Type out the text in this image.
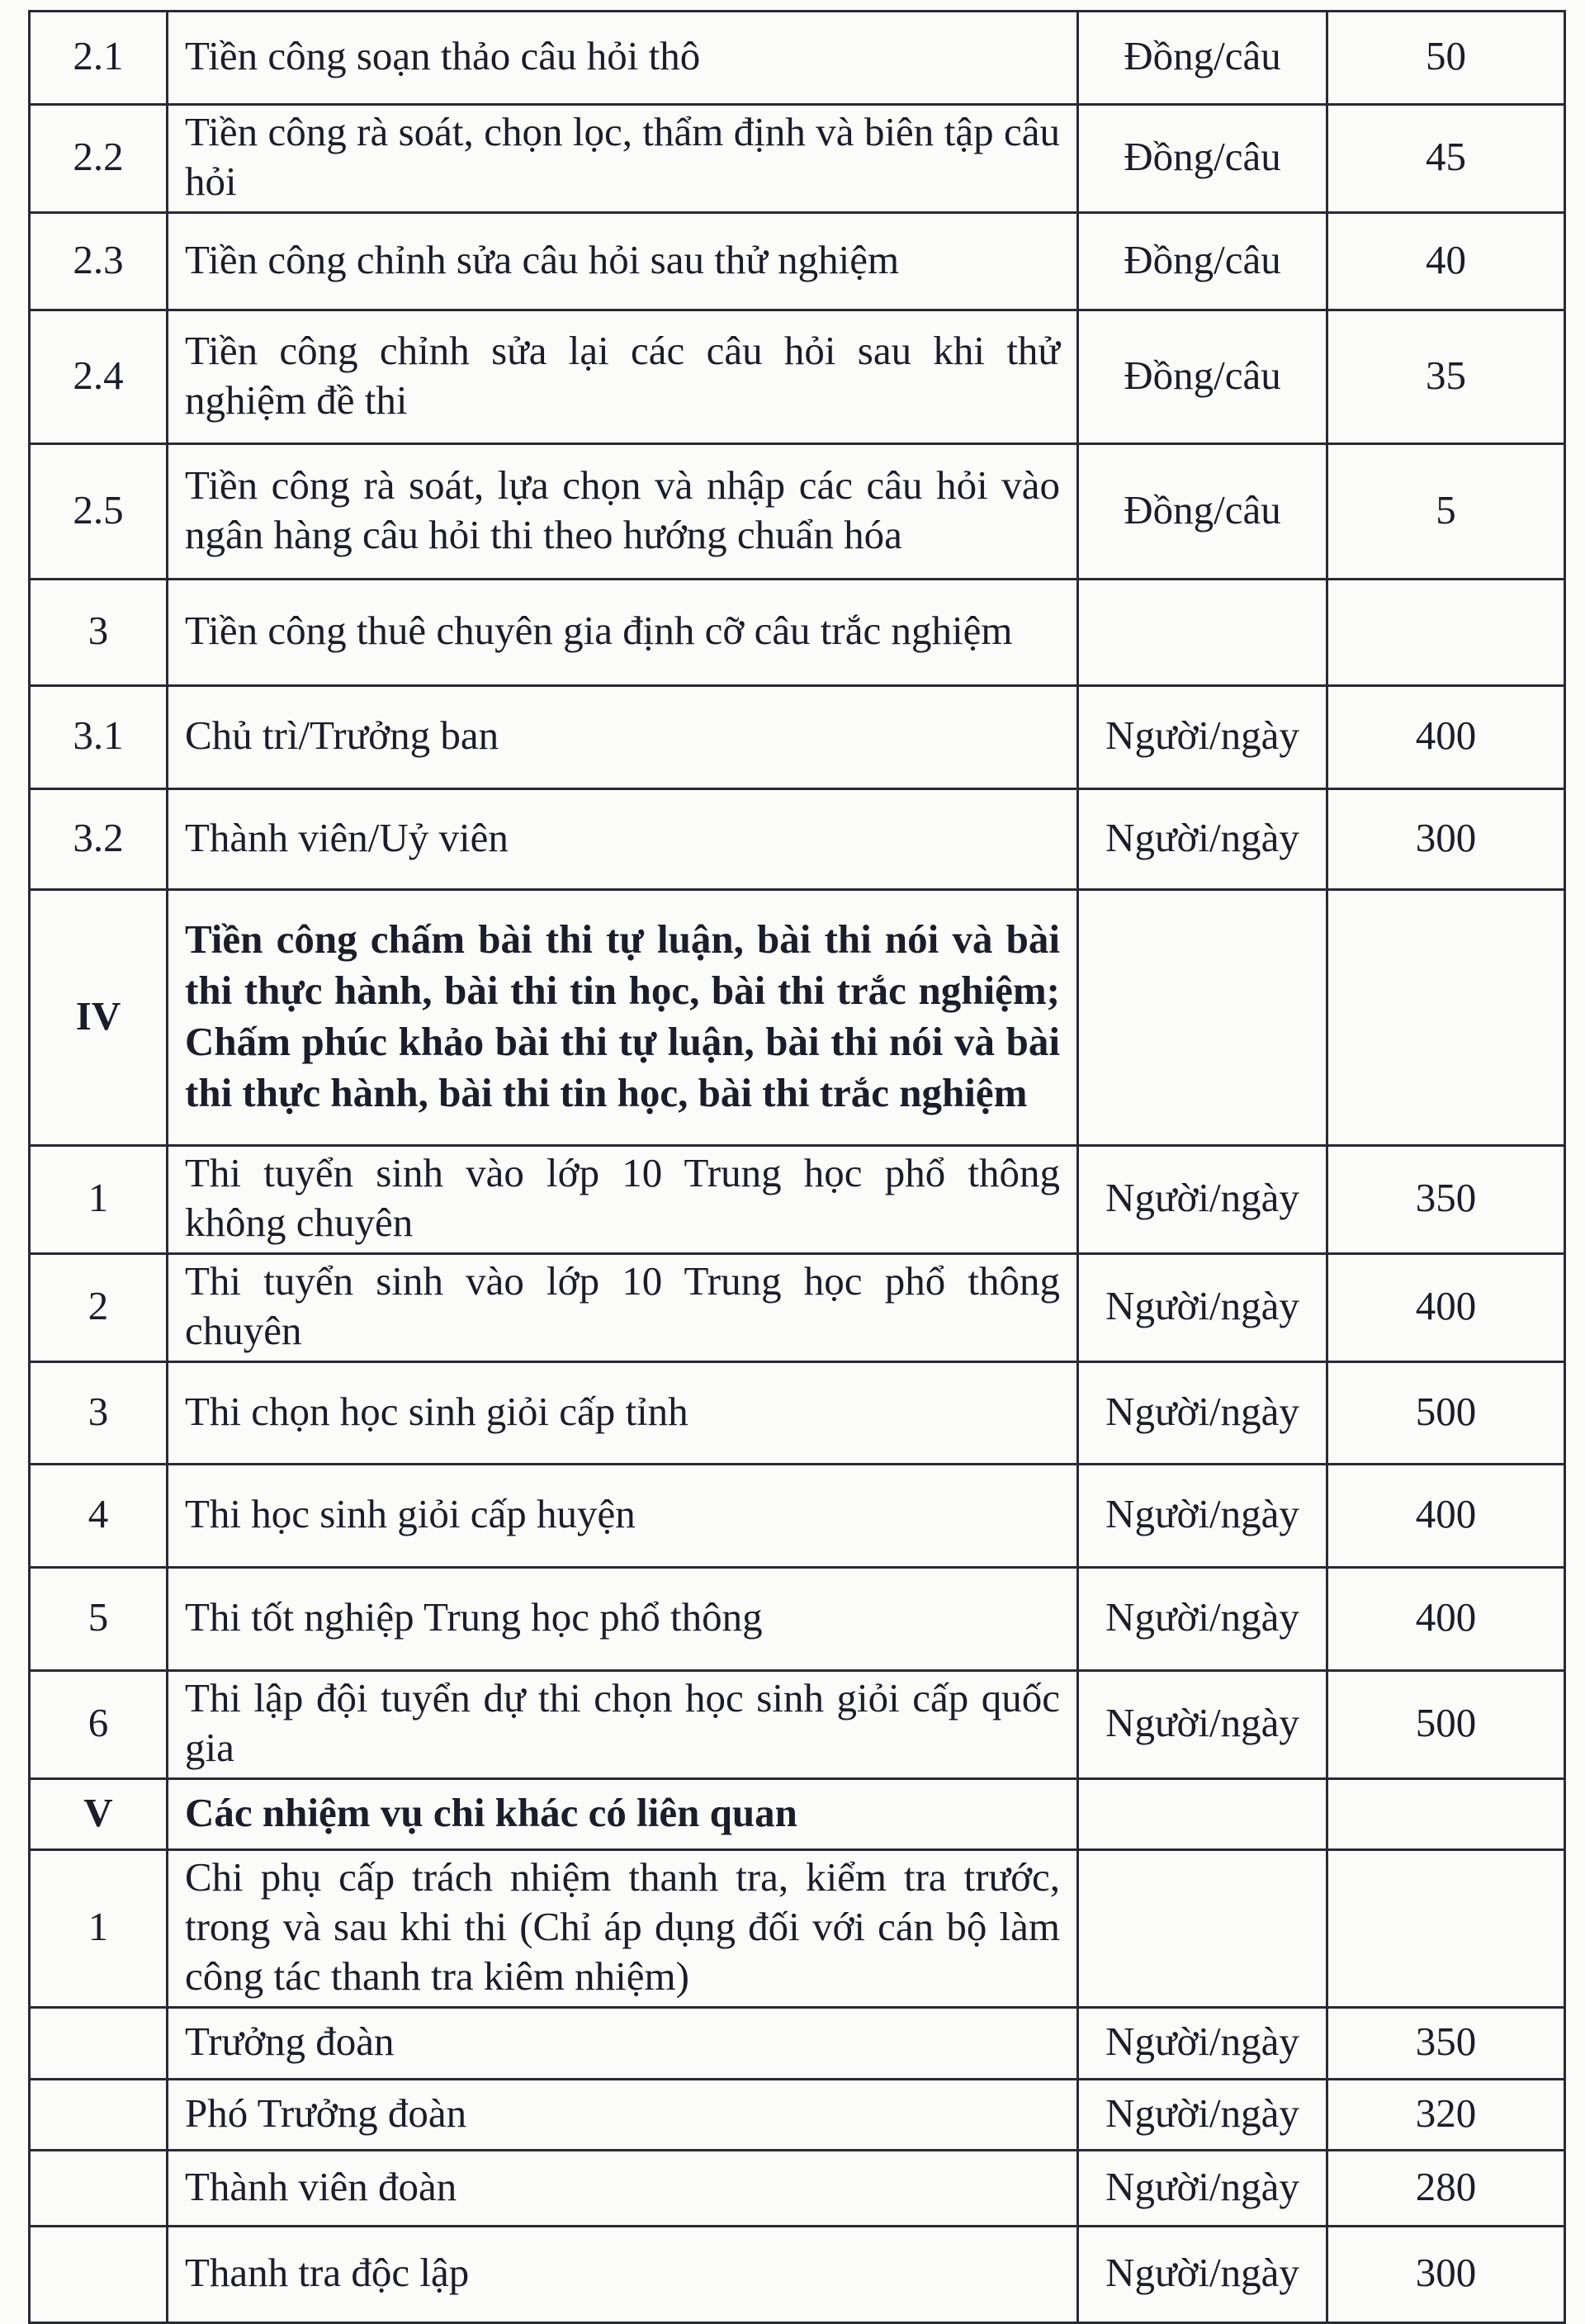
2.1	Tiền công soạn thảo câu hỏi thô	Đồng/câu	50
2.2	Tiền công rà soát, chọn lọc, thẩm định và biên tập câu hỏi	Đồng/câu	45
2.3	Tiền công chỉnh sửa câu hỏi sau thử nghiệm	Đồng/câu	40
2.4	Tiền công chỉnh sửa lại các câu hỏi sau khi thử nghiệm đề thi	Đồng/câu	35
2.5	Tiền công rà soát, lựa chọn và nhập các câu hỏi vào ngân hàng câu hỏi thi theo hướng chuẩn hóa	Đồng/câu	5
3	Tiền công thuê chuyên gia định cỡ câu trắc nghiệm		
3.1	Chủ trì/Trưởng ban	Người/ngày	400
3.2	Thành viên/Uỷ viên	Người/ngày	300
IV	Tiền công chấm bài thi tự luận, bài thi nói và bài thi thực hành, bài thi tin học, bài thi trắc nghiệm; Chấm phúc khảo bài thi tự luận, bài thi nói và bài thi thực hành, bài thi tin học, bài thi trắc nghiệm		
1	Thi tuyển sinh vào lớp 10 Trung học phổ thông không chuyên	Người/ngày	350
2	Thi tuyển sinh vào lớp 10 Trung học phổ thông chuyên	Người/ngày	400
3	Thi chọn học sinh giỏi cấp tỉnh	Người/ngày	500
4	Thi học sinh giỏi cấp huyện	Người/ngày	400
5	Thi tốt nghiệp Trung học phổ thông	Người/ngày	400
6	Thi lập đội tuyển dự thi chọn học sinh giỏi cấp quốc gia	Người/ngày	500
V	Các nhiệm vụ chi khác có liên quan		
1	Chi phụ cấp trách nhiệm thanh tra, kiểm tra trước, trong và sau khi thi (Chỉ áp dụng đối với cán bộ làm công tác thanh tra kiêm nhiệm)		
	Trưởng đoàn	Người/ngày	350
	Phó Trưởng đoàn	Người/ngày	320
	Thành viên đoàn	Người/ngày	280
	Thanh tra độc lập	Người/ngày	300
